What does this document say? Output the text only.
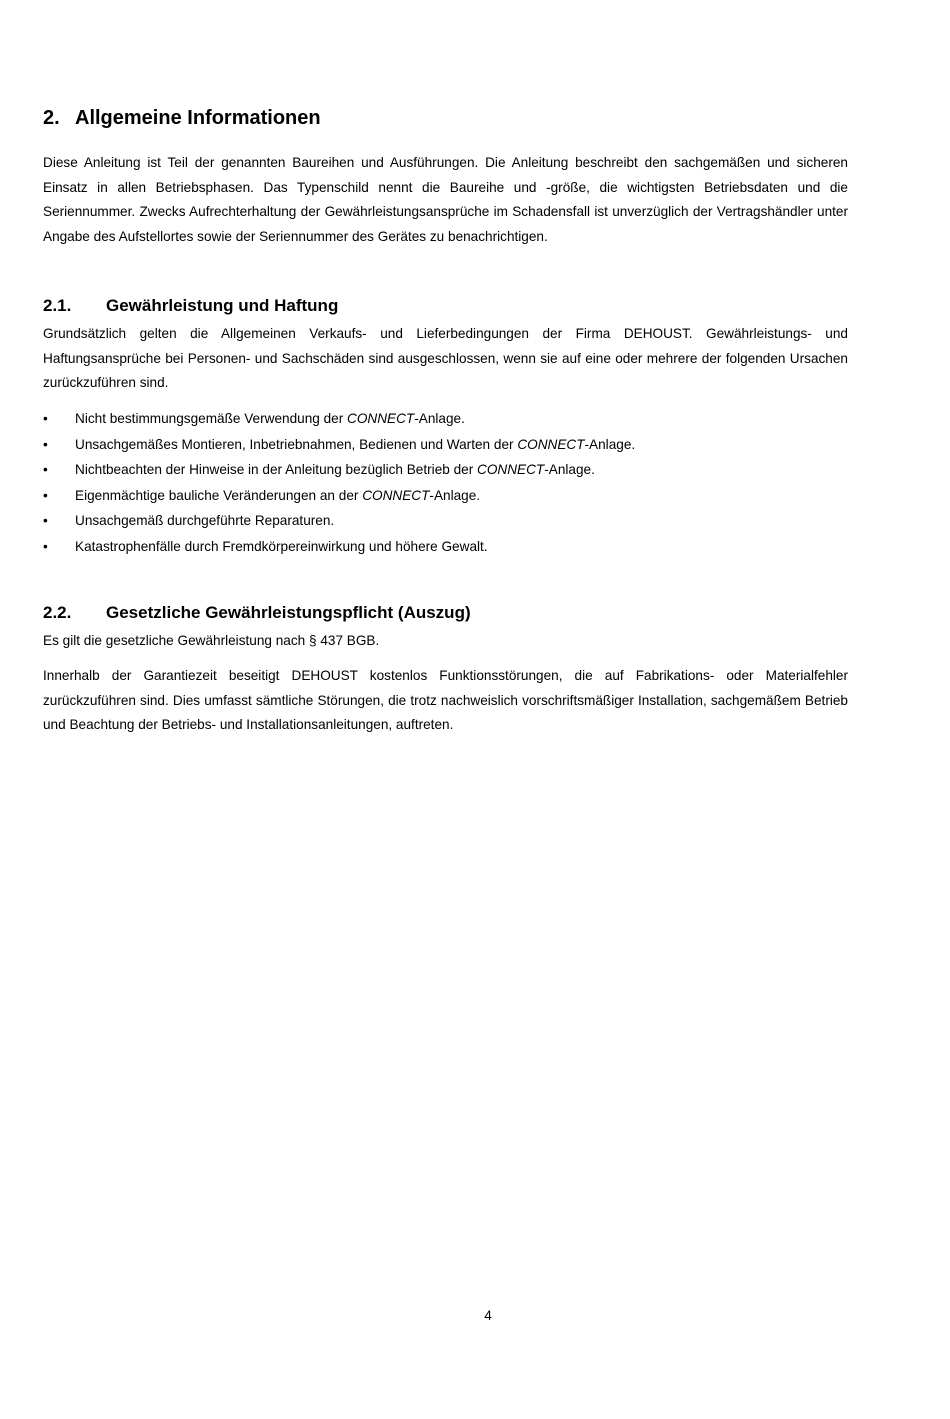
2. Allgemeine Informationen

Diese Anleitung ist Teil der genannten Baureihen und Ausführungen. Die Anleitung beschreibt den sachgemäßen und sicheren Einsatz in allen Betriebsphasen. Das Typenschild nennt die Baureihe und -größe, die wichtigsten Betriebsdaten und die Seriennummer. Zwecks Aufrechterhaltung der Gewährleistungsansprüche im Schadensfall ist unverzüglich der Vertragshändler unter Angabe des Aufstellortes sowie der Seriennummer des Gerätes zu benachrichtigen.

2.1. Gewährleistung und Haftung

Grundsätzlich gelten die Allgemeinen Verkaufs- und Lieferbedingungen der Firma DEHOUST. Gewährleistungs- und Haftungsansprüche bei Personen- und Sachschäden sind ausgeschlossen, wenn sie auf eine oder mehrere der folgenden Ursachen zurückzuführen sind.

• Nicht bestimmungsgemäße Verwendung der CONNECT-Anlage.
• Unsachgemäßes Montieren, Inbetriebnahmen, Bedienen und Warten der CONNECT-Anlage.
• Nichtbeachten der Hinweise in der Anleitung bezüglich Betrieb der CONNECT-Anlage.
• Eigenmächtige bauliche Veränderungen an der CONNECT-Anlage.
• Unsachgemäß durchgeführte Reparaturen.
• Katastrophenfälle durch Fremdkörpereinwirkung und höhere Gewalt.
2.2. Gesetzliche Gewährleistungspflicht (Auszug)

Es gilt die gesetzliche Gewährleistung nach § 437 BGB.

Innerhalb der Garantiezeit beseitigt DEHOUST kostenlos Funktionsstörungen, die auf Fabrikations- oder Materialfehler zurückzuführen sind. Dies umfasst sämtliche Störungen, die trotz nachweislich vorschriftsmäßiger Installation, sachgemäßem Betrieb und Beachtung der Betriebs- und Installationsanleitungen, auftreten.

4
